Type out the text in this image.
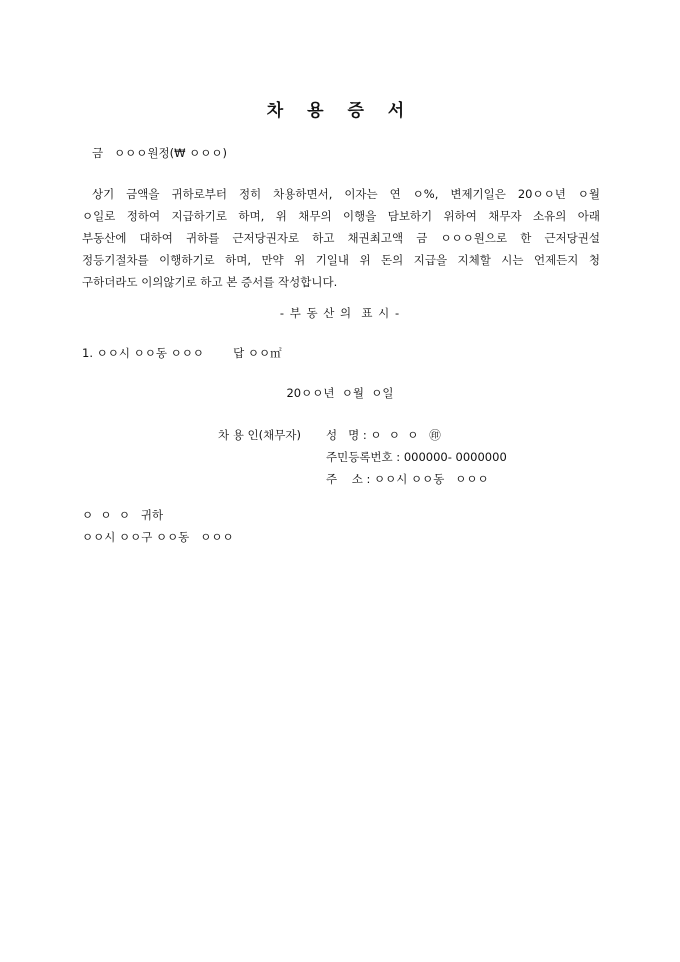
차 용 증 서
금   ㅇㅇㅇ원정(₩ ㅇㅇㅇ)
상기 금액을 귀하로부터 정히 차용하면서, 이자는 연 ㅇ%, 변제기일은 20ㅇㅇ년 ㅇ월
ㅇ일로 정하여 지급하기로 하며, 위 채무의 이행을 담보하기 위하여 채무자 소유의 아래
부동산에 대하여 귀하를 근저당권자로 하고 채권최고액 금 ㅇㅇㅇ원으로 한 근저당권설
정등기절차를 이행하기로 하며, 만약 위 기일내 위 돈의 지급을 지체할 시는 언제든지 청
구하더라도 이의않기로 하고 본 증서를 작성합니다.
- 부 동 산 의  표 시 -
1. ㅇㅇ시 ㅇㅇ동 ㅇㅇㅇ        답 ㅇㅇ㎡
20ㅇㅇ년  ㅇ월  ㅇ일
차 용 인(채무자) 성   명 : ㅇ  ㅇ  ㅇ   ㊞
주민등록번호 : 000000- 0000000
주    소 : ㅇㅇ시 ㅇㅇ동   ㅇㅇㅇ
ㅇ  ㅇ  ㅇ   귀하
ㅇㅇ시 ㅇㅇ구 ㅇㅇ동   ㅇㅇㅇ
